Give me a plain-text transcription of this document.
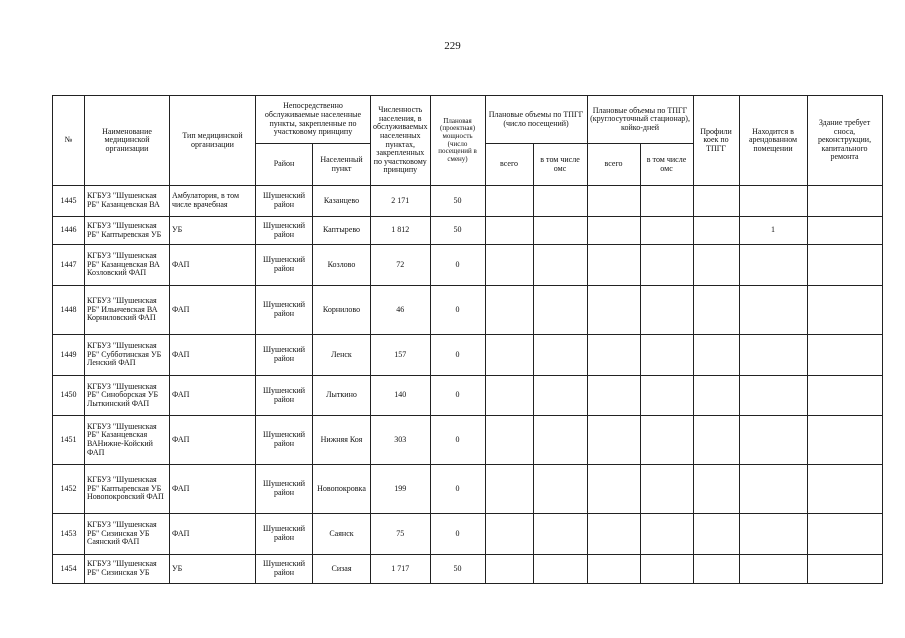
229
№	Наименование медицинской организации	Тип медицинской организации	Непосредственно обслуживаемые населенные пункты, закрепленные по участковому принципу		Численность населения, в обслуживаемых населенных пунктах, закрепленных по участковому принципу	Плановая (проектная) мощность (число посещений в смену)	Плановые объемы по ТПГГ (число посещений)		Плановые объемы по ТПГГ (круглосуточный стационар), койко-дней		Профили коек по ТПГГ	Находится в арендованном помещении	Здание требует сноса, реконструкции, капитального ремонта
			Район	Населенный пункт			всего	в том числе омс	всего	в том числе омс			
1445	КГБУЗ "Шушенская РБ" Казанцевская ВА	Амбулатория, в том числе врачебная	Шушенский район	Казанцево	2 171	50							
1446	КГБУЗ "Шушенская РБ" Каптыревская УБ	УБ	Шушенский район	Каптырево	1 812	50						1	
1447	КГБУЗ "Шушенская РБ" Казанцевская ВА Козловский ФАП	ФАП	Шушенский район	Козлово	72	0							
1448	КГБУЗ "Шушенская РБ" Ильичевская ВА Корниловский ФАП	ФАП	Шушенский район	Корнилово	46	0							
1449	КГБУЗ "Шушенская РБ" Субботинская УБ Ленский ФАП	ФАП	Шушенский район	Ленск	157	0							
1450	КГБУЗ "Шушенская РБ" Синоборская УБ Лыткинский ФАП	ФАП	Шушенский район	Лыткино	140	0							
1451	КГБУЗ "Шушенская РБ" Казанцевская ВАНижне-Койский ФАП	ФАП	Шушенский район	Нижняя Коя	303	0							
1452	КГБУЗ "Шушенская РБ" Каптыревская УБ Новопокровский ФАП	ФАП	Шушенский район	Новопокровка	199	0							
1453	КГБУЗ "Шушенская РБ" Сизинская УБ Саянский ФАП	ФАП	Шушенский район	Саянск	75	0							
1454	КГБУЗ "Шушенская РБ" Сизинская УБ	УБ	Шушенский район	Сизая	1 717	50							
